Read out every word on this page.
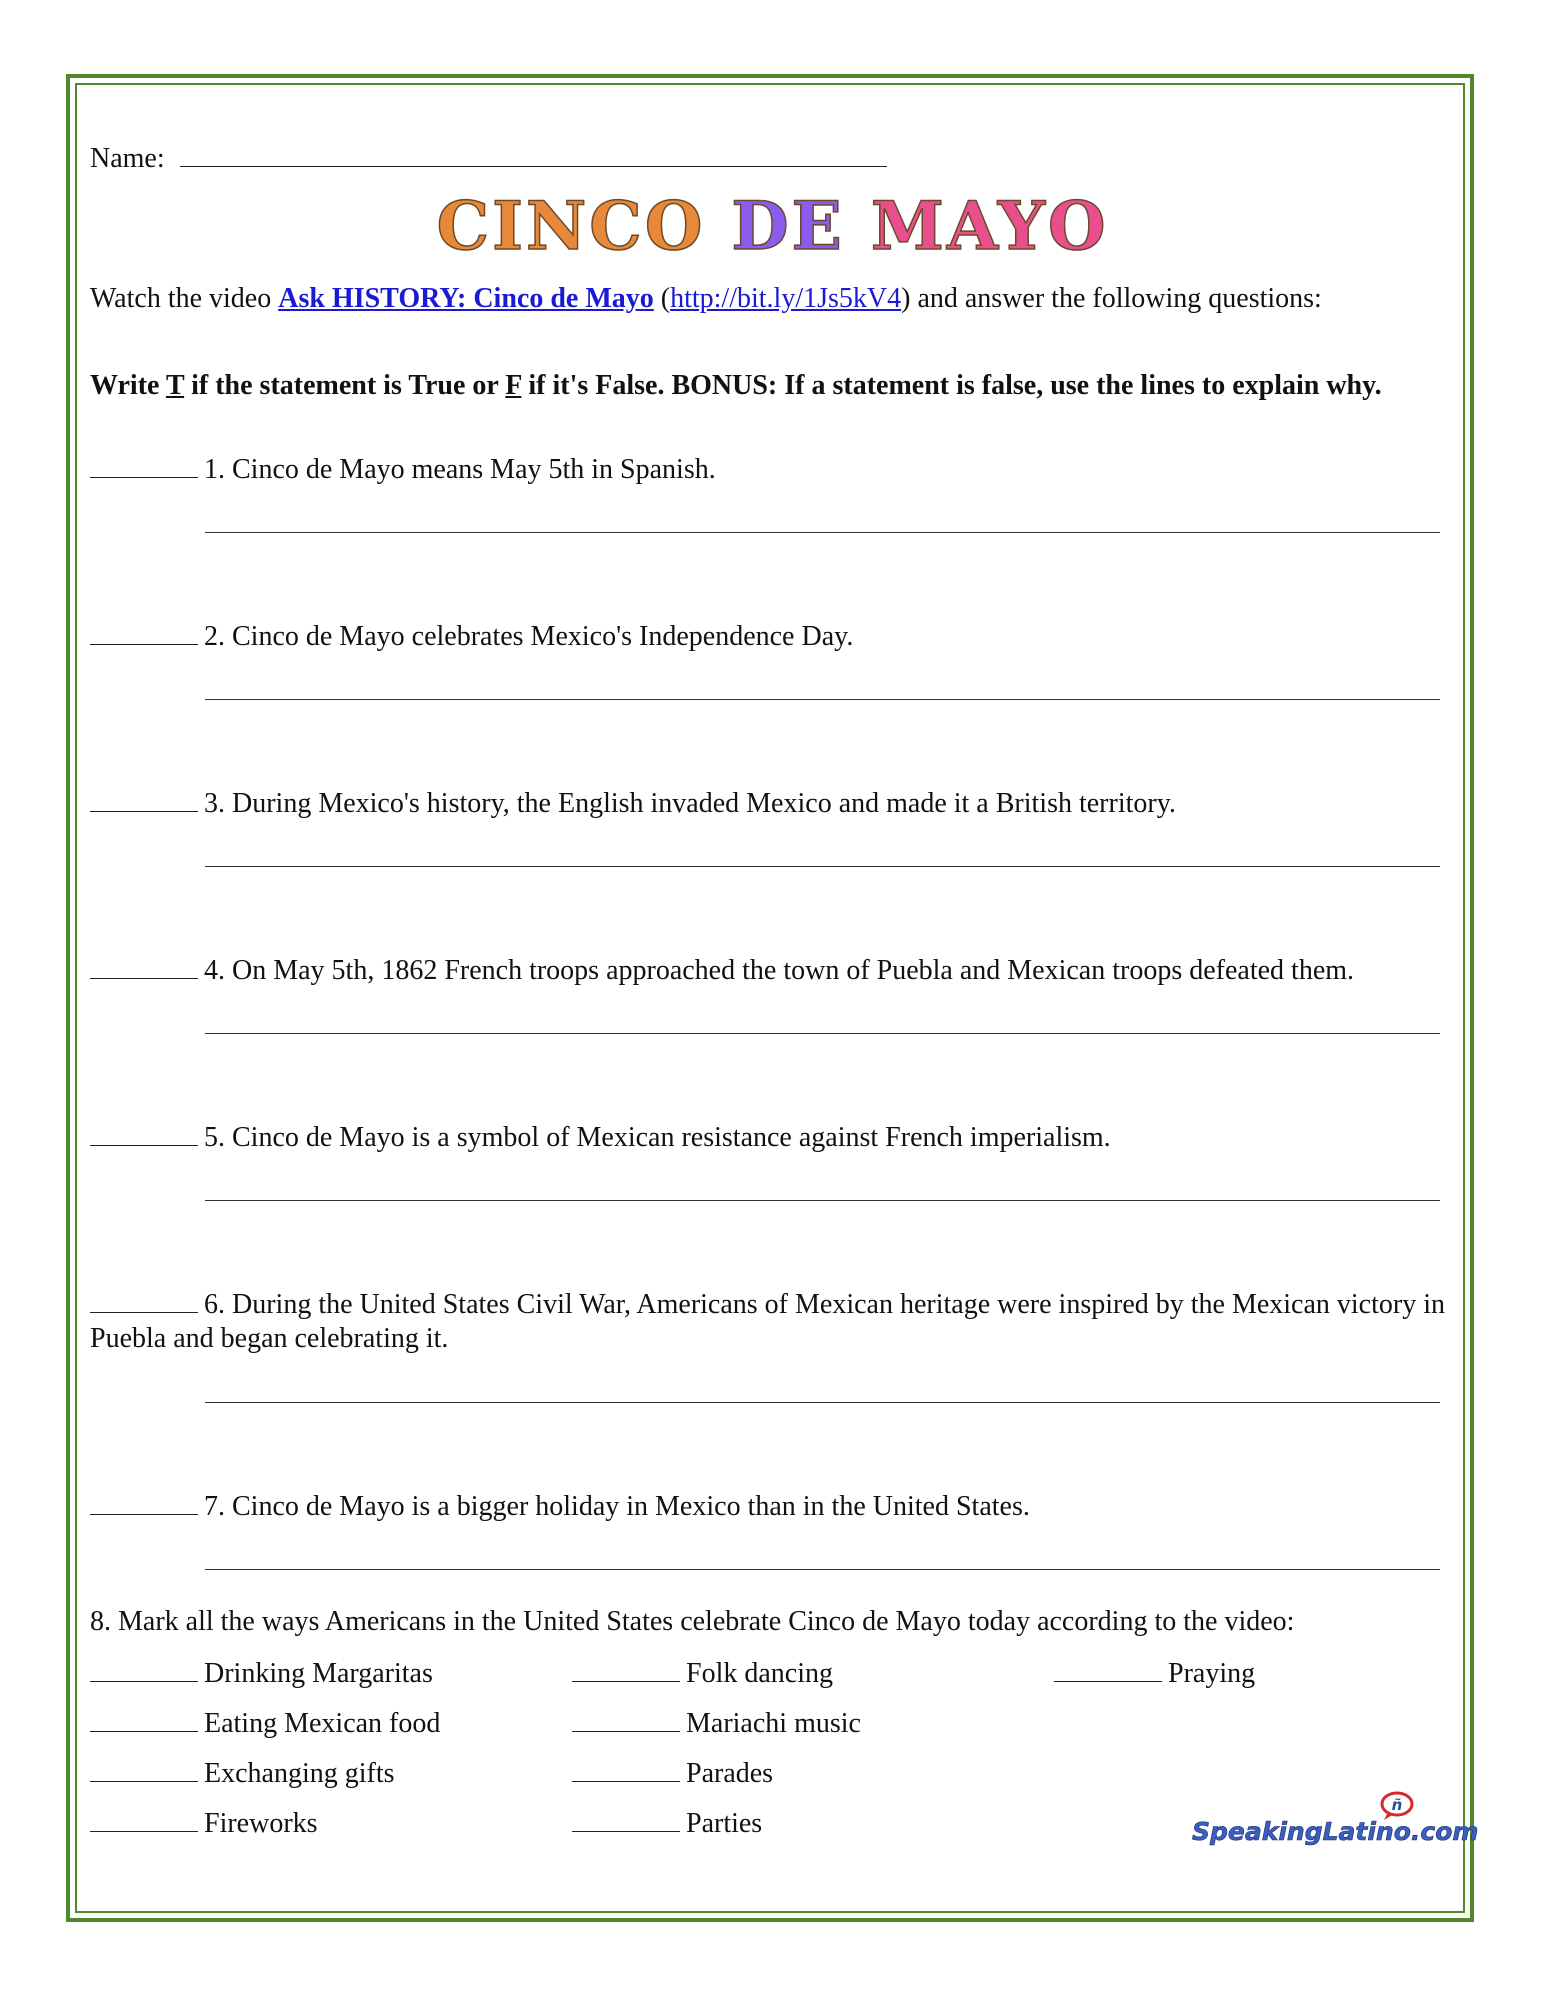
Name:
CINCO DE MAYO
Watch the video Ask HISTORY: Cinco de Mayo (http://bit.ly/1Js5kV4) and answer the following questions:
Write T if the statement is True or F if it's False. BONUS: If a statement is false, use the lines to explain why.
1. Cinco de Mayo means May 5th in Spanish.
2. Cinco de Mayo celebrates Mexico's Independence Day.
3. During Mexico's history, the English invaded Mexico and made it a British territory.
4. On May 5th, 1862 French troops approached the town of Puebla and Mexican troops defeated them.
5. Cinco de Mayo is a symbol of Mexican resistance against French imperialism.
6. During the United States Civil War, Americans of Mexican heritage were inspired by the Mexican victory in Puebla and began celebrating it.
7. Cinco de Mayo is a bigger holiday in Mexico than in the United States.
8. Mark all the ways Americans in the United States celebrate Cinco de Mayo today according to the video:
Drinking Margaritas	Folk dancing	Praying
Eating Mexican food	Mariachi music
Exchanging gifts	Parades
Fireworks	Parties
ñ
SpeakingLatino.com
